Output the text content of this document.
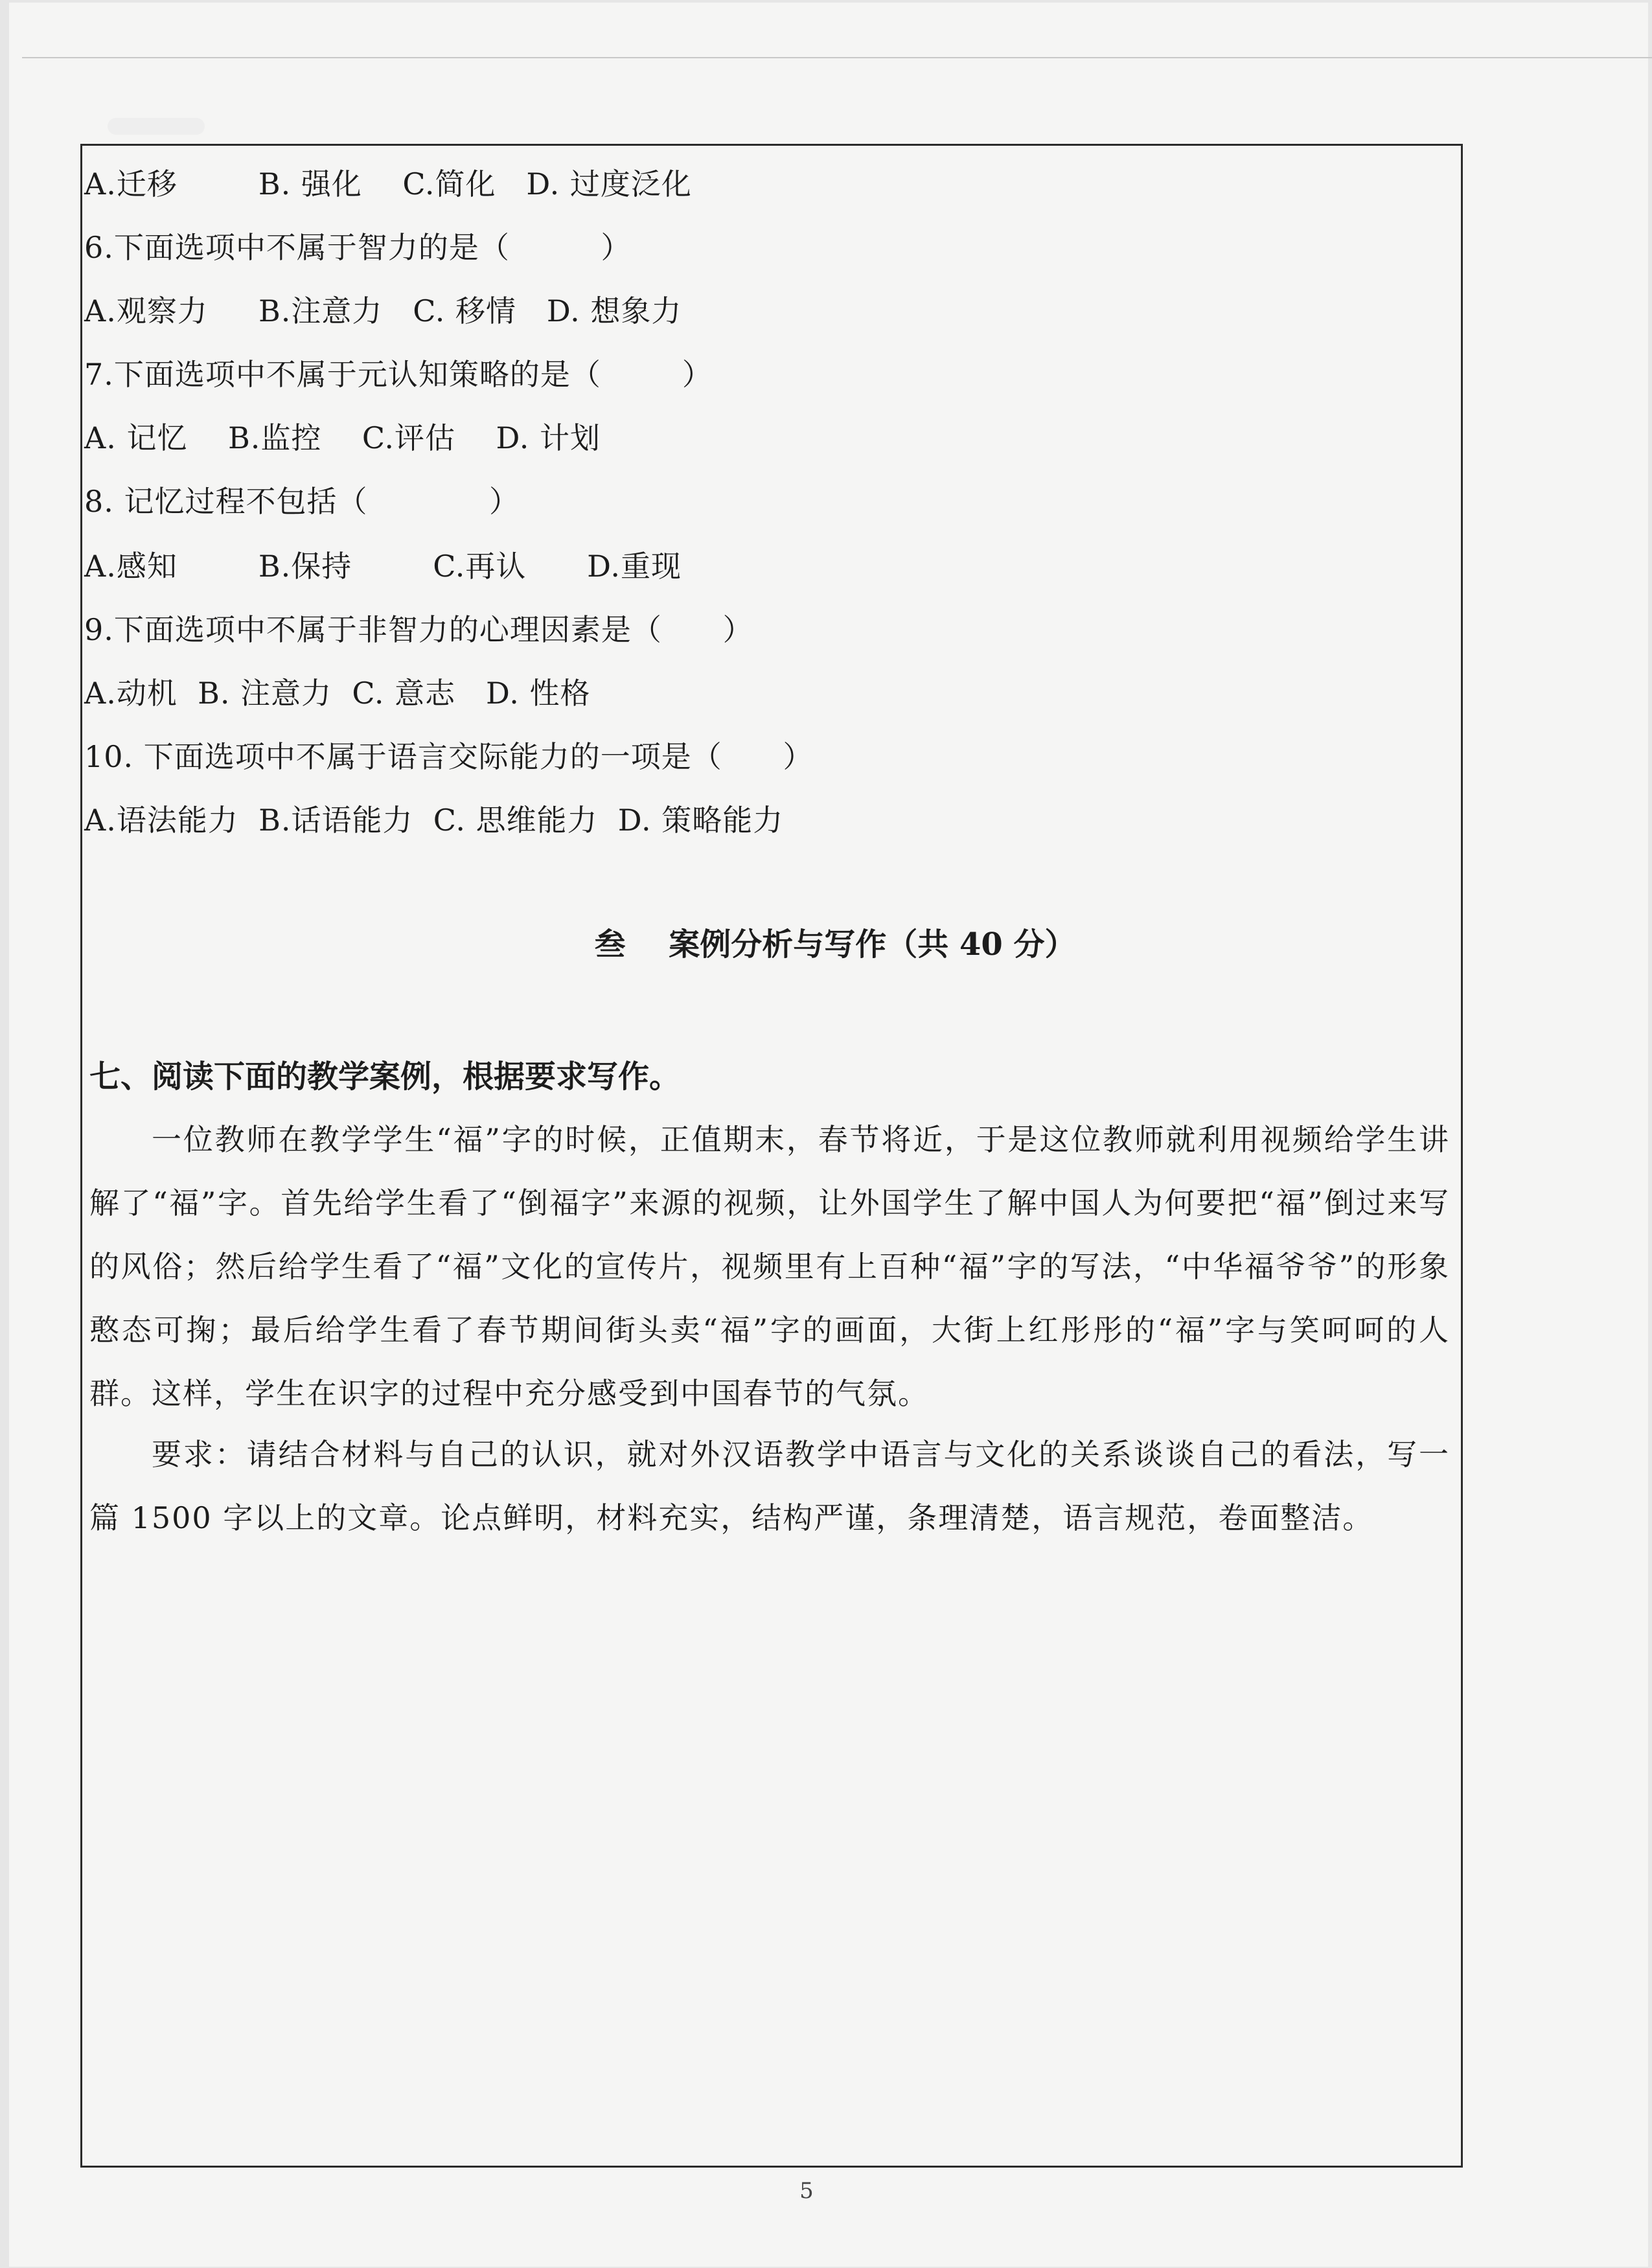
A.迁移        B. 强化    C.简化   D. 过度泛化
6.下面选项中不属于智力的是（         ）
A.观察力     B.注意力   C. 移情   D. 想象力
7.下面选项中不属于元认知策略的是（        ）
A. 记忆    B.监控    C.评估    D. 计划
8. 记忆过程不包括（            ）
A.感知        B.保持        C.再认      D.重现
9.下面选项中不属于非智力的心理因素是（      ）
A.动机  B. 注意力  C. 意志   D. 性格
10. 下面选项中不属于语言交际能力的一项是（      ）
A.语法能力  B.话语能力  C. 思维能力  D. 策略能力
叁    案例分析与写作（共 40 分）
七、阅读下面的教学案例，根据要求写作。
一位教师在教学学生“福”字的时候，正值期末，春节将近，于是这位教师就利用视频给学生讲解了“福”字。首先给学生看了“倒福字”来源的视频，让外国学生了解中国人为何要把“福”倒过来写的风俗；然后给学生看了“福”文化的宣传片，视频里有上百种“福”字的写法，“中华福爷爷”的形象憨态可掬；最后给学生看了春节期间街头卖“福”字的画面，大街上红彤彤的“福”字与笑呵呵的人群。这样，学生在识字的过程中充分感受到中国春节的气氛。
要求：请结合材料与自己的认识，就对外汉语教学中语言与文化的关系谈谈自己的看法，写一篇 1500 字以上的文章。论点鲜明，材料充实，结构严谨，条理清楚，语言规范，卷面整洁。
5
